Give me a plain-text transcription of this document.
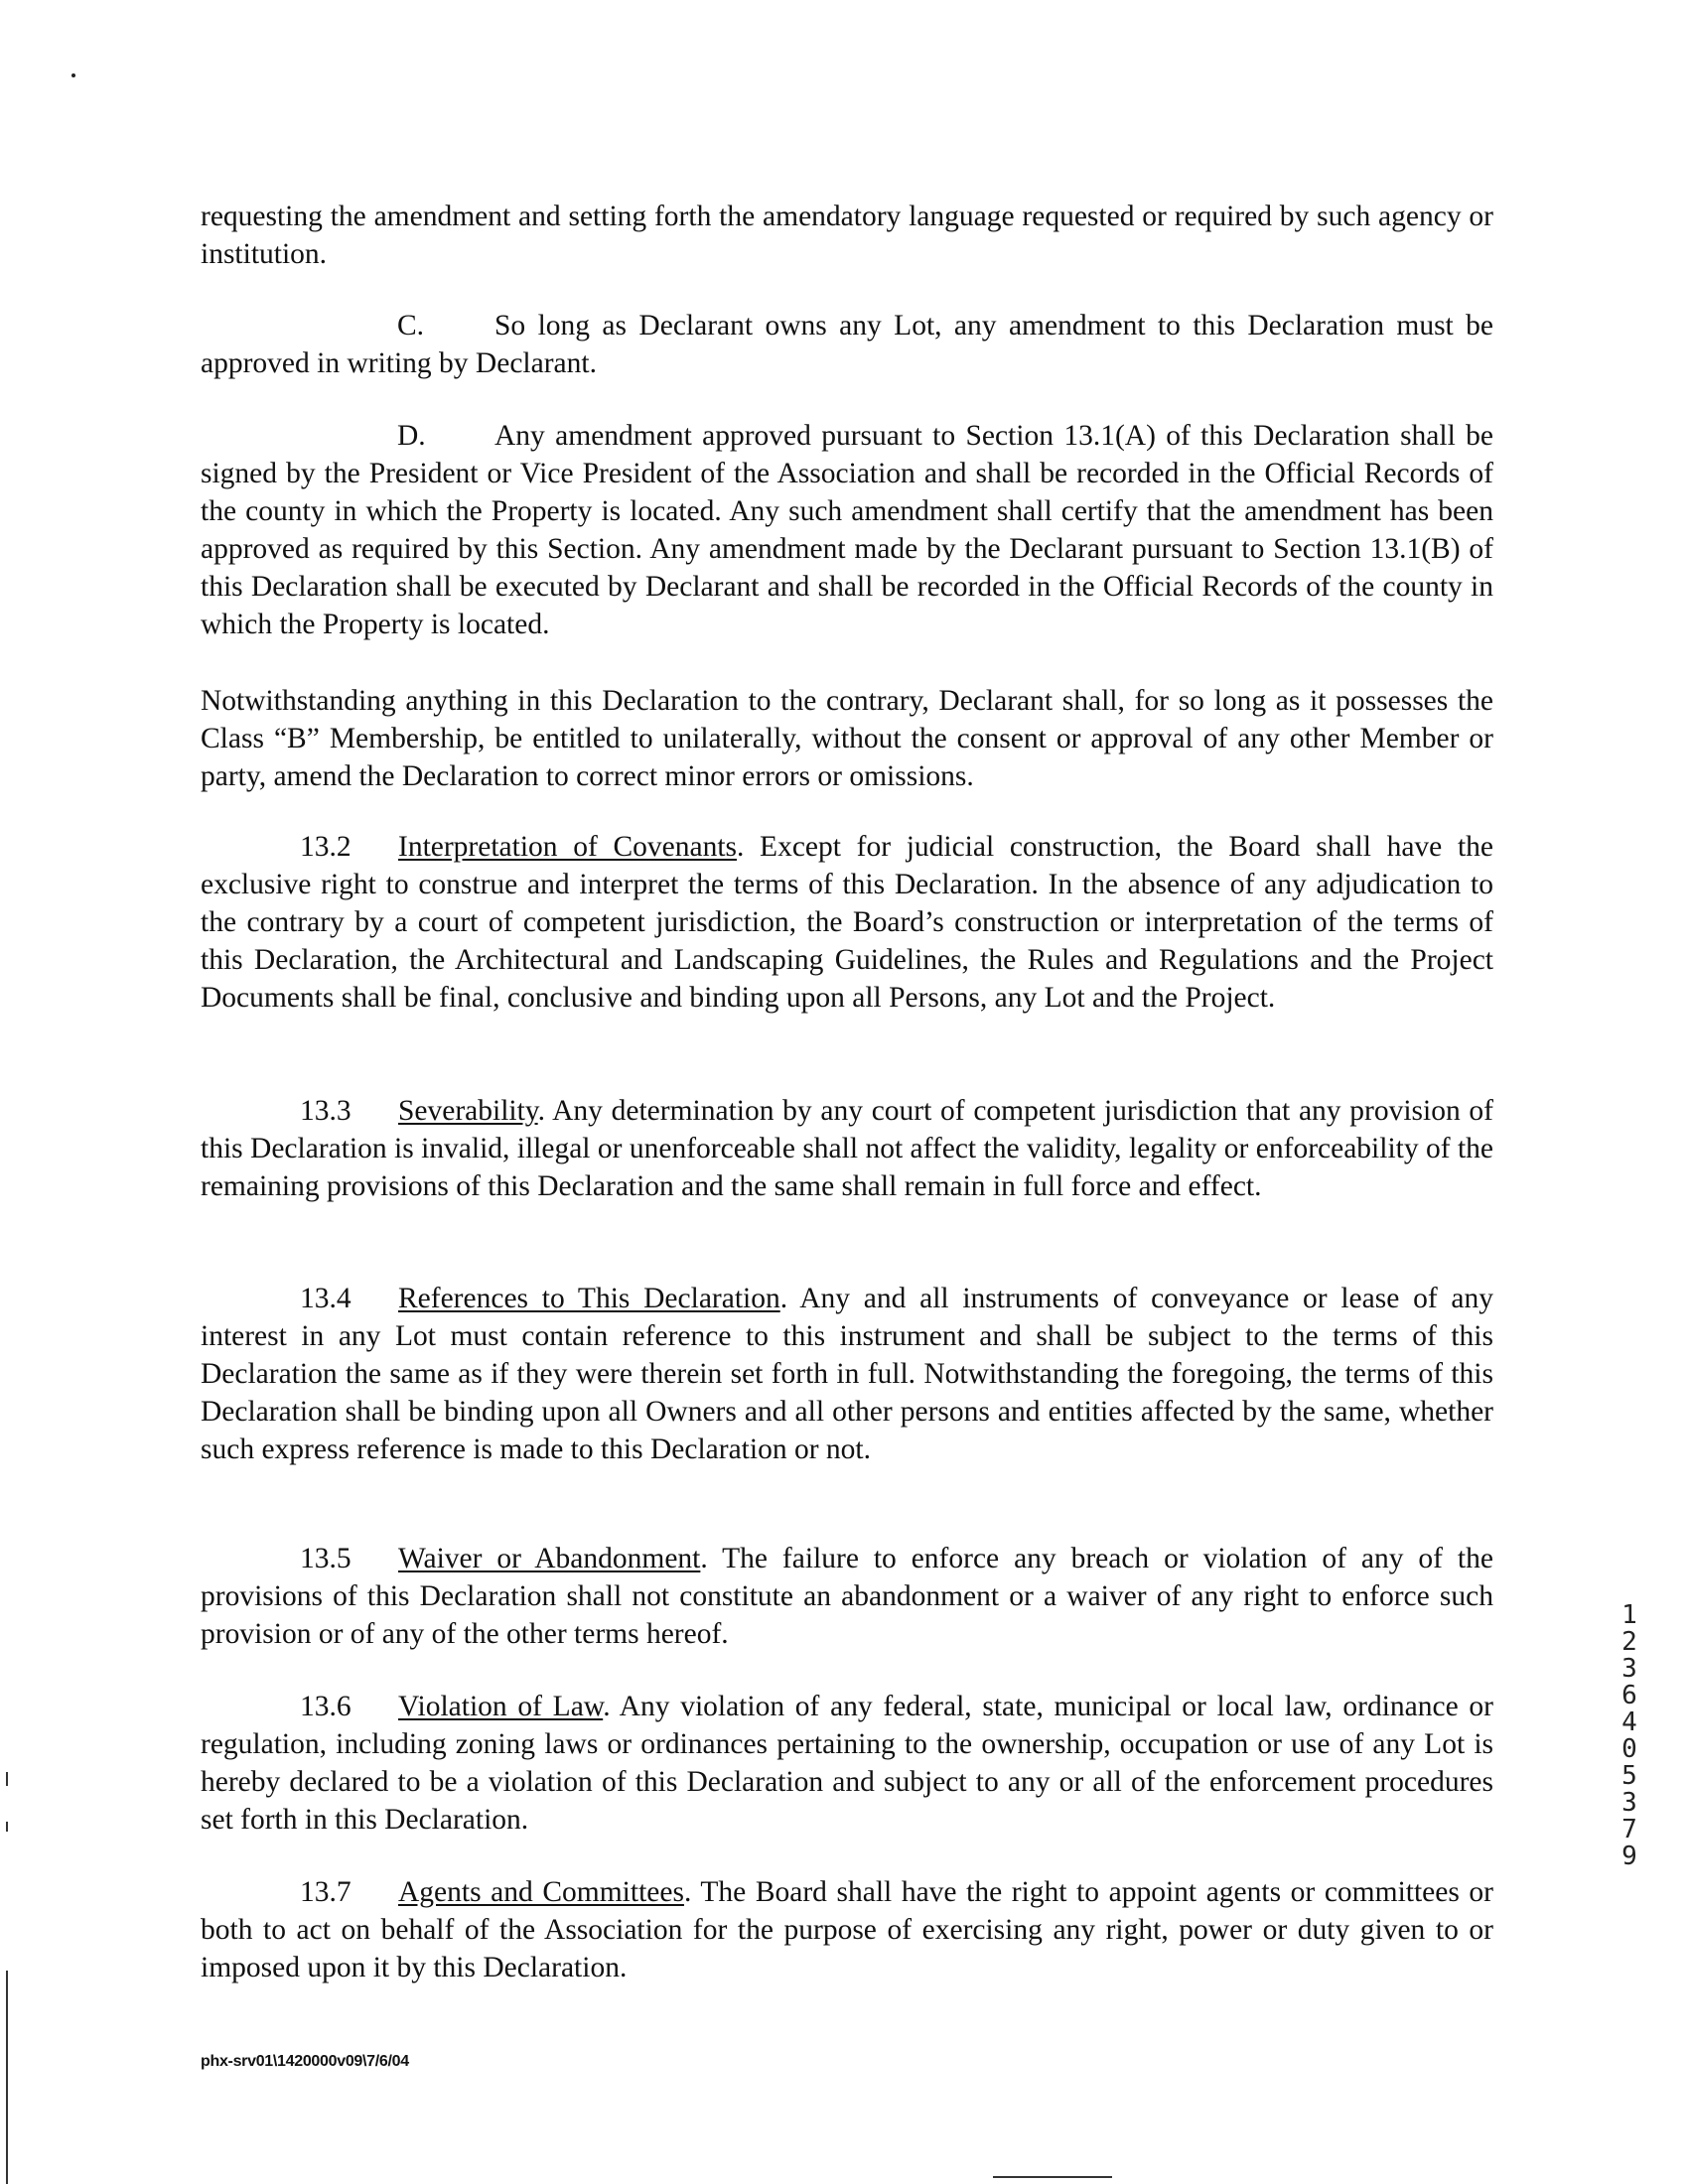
requesting the amendment and setting forth the amendatory language requested or required by such agency or institution.

C. So long as Declarant owns any Lot, any amendment to this Declaration must be approved in writing by Declarant.

D. Any amendment approved pursuant to Section 13.1(A) of this Declaration shall be signed by the President or Vice President of the Association and shall be recorded in the Official Records of the county in which the Property is located. Any such amendment shall certify that the amendment has been approved as required by this Section. Any amendment made by the Declarant pursuant to Section 13.1(B) of this Declaration shall be executed by Declarant and shall be recorded in the Official Records of the county in which the Property is located.

Notwithstanding anything in this Declaration to the contrary, Declarant shall, for so long as it possesses the Class “B” Membership, be entitled to unilaterally, without the consent or approval of any other Member or party, amend the Declaration to correct minor errors or omissions.

13.2 Interpretation of Covenants. Except for judicial construction, the Board shall have the exclusive right to construe and interpret the terms of this Declaration. In the absence of any adjudication to the contrary by a court of competent jurisdiction, the Board’s construction or interpretation of the terms of this Declaration, the Architectural and Landscaping Guidelines, the Rules and Regulations and the Project Documents shall be final, conclusive and binding upon all Persons, any Lot and the Project.

13.3 Severability. Any determination by any court of competent jurisdiction that any provision of this Declaration is invalid, illegal or unenforceable shall not affect the validity, legality or enforceability of the remaining provisions of this Declaration and the same shall remain in full force and effect.

13.4 References to This Declaration. Any and all instruments of conveyance or lease of any interest in any Lot must contain reference to this instrument and shall be subject to the terms of this Declaration the same as if they were therein set forth in full. Notwithstanding the foregoing, the terms of this Declaration shall be binding upon all Owners and all other persons and entities affected by the same, whether such express reference is made to this Declaration or not.

13.5 Waiver or Abandonment. The failure to enforce any breach or violation of any of the provisions of this Declaration shall not constitute an abandonment or a waiver of any right to enforce such provision or of any of the other terms hereof.

13.6 Violation of Law. Any violation of any federal, state, municipal or local law, ordinance or regulation, including zoning laws or ordinances pertaining to the ownership, occupation or use of any Lot is hereby declared to be a violation of this Declaration and subject to any or all of the enforcement procedures set forth in this Declaration.

13.7 Agents and Committees. The Board shall have the right to appoint agents or committees or both to act on behalf of the Association for the purpose of exercising any right, power or duty given to or imposed upon it by this Declaration.

phx-srv01\1420000v09\7/6/04
1 2 3 6 4 0 5 3 7 9
